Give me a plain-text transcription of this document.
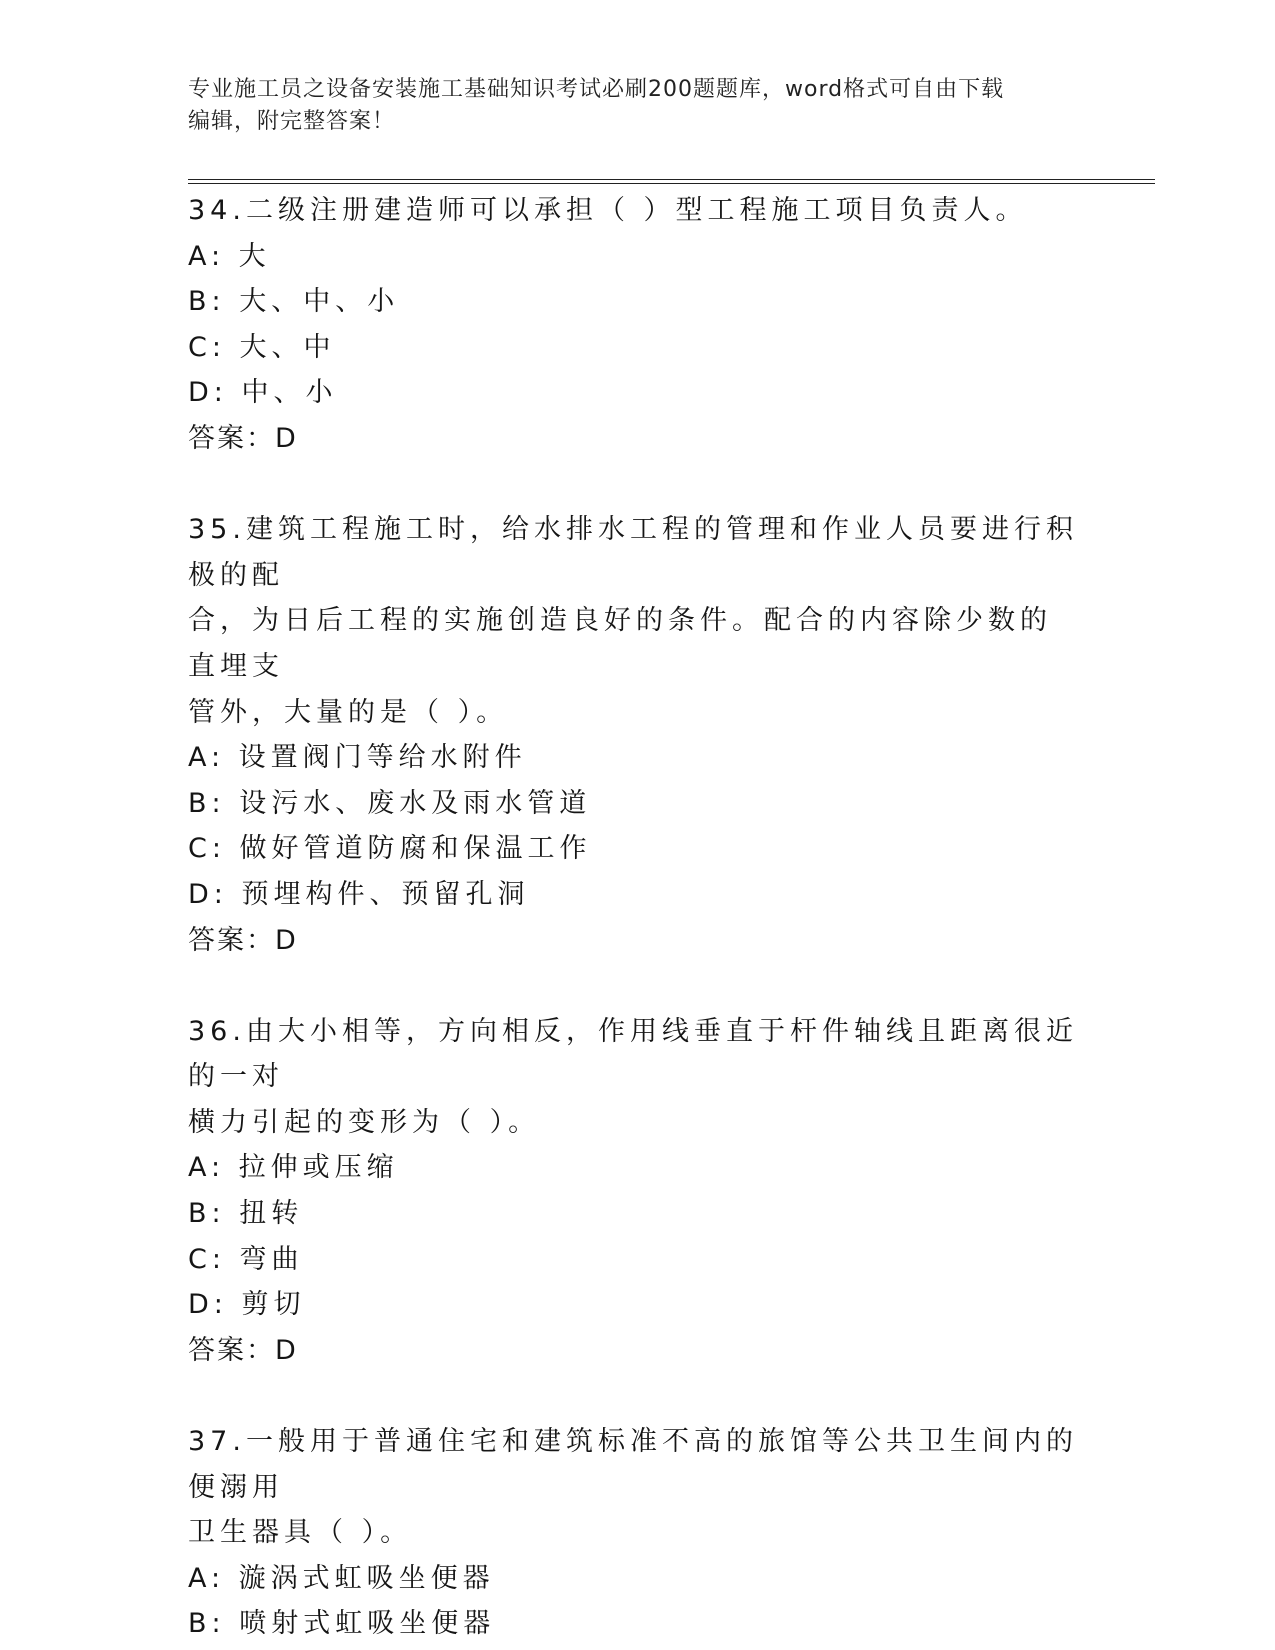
专业施工员之设备安装施工基础知识考试必刷200题题库，word格式可自由下载
编辑，附完整答案！

34.二级注册建造师可以承担（ ）型工程施工项目负责人。

A: 大

B: 大、中、小

C: 大、中

D: 中、小

答案：D

35.建筑工程施工时，给水排水工程的管理和作业人员要进行积极的配

合，为日后工程的实施创造良好的条件。配合的内容除少数的直埋支

管外，大量的是（ ）。

A: 设置阀门等给水附件

B: 设污水、废水及雨水管道

C: 做好管道防腐和保温工作

D: 预埋构件、预留孔洞

答案：D

36.由大小相等，方向相反，作用线垂直于杆件轴线且距离很近的一对

横力引起的变形为（ ）。

A: 拉伸或压缩

B: 扭转

C: 弯曲

D: 剪切

答案：D

37.一般用于普通住宅和建筑标准不高的旅馆等公共卫生间内的便溺用

卫生器具（ ）。

A: 漩涡式虹吸坐便器

B: 喷射式虹吸坐便器
